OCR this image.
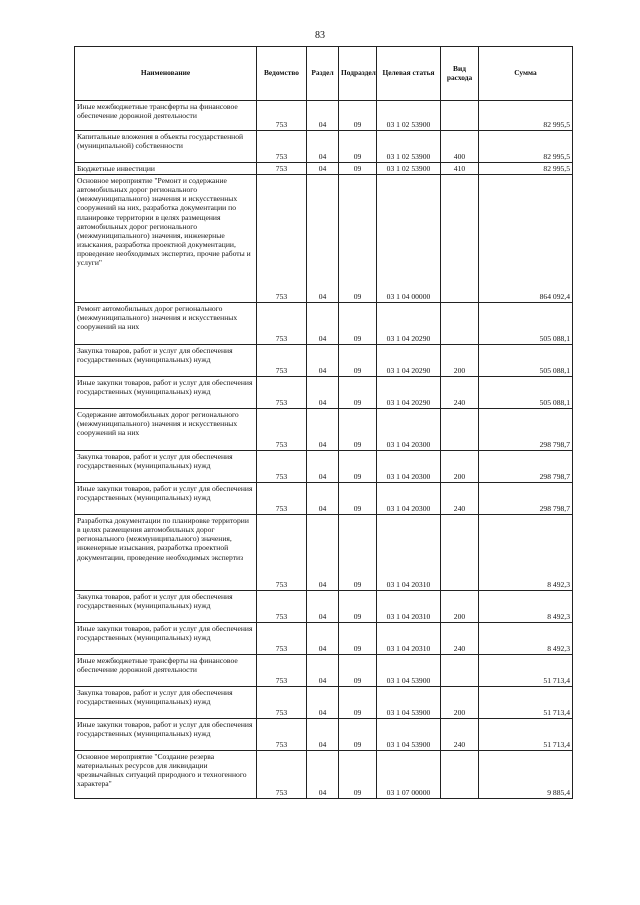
83
Наименование	Ведомство	Раздел	Подраздел	Целевая статья	Вид расхода	Сумма
Иные межбюджетные трансферты на финансовое обеспечение дорожной деятельности	753	04	09	03 1 02 53900		82 995,5
Капитальные вложения в объекты государственной (муниципальной) собственности	753	04	09	03 1 02 53900	400	82 995,5
Бюджетные инвестиции	753	04	09	03 1 02 53900	410	82 995,5
Основное мероприятие "Ремонт и содержание автомобильных дорог регионального (межмуниципального) значения и искусственных сооружений на них, разработка документации по планировке территории в целях размещения автомобильных дорог регионального (межмуниципального) значения, инженерные изыскания, разработка проектной документации, проведение необходимых экспертиз, прочие работы и услуги"	753	04	09	03 1 04 00000		864 092,4
Ремонт автомобильных дорог регионального (межмуниципального) значения и искусственных сооружений на них	753	04	09	03 1 04 20290		505 088,1
Закупка товаров, работ и услуг для обеспечения государственных (муниципальных) нужд	753	04	09	03 1 04 20290	200	505 088,1
Иные закупки товаров, работ и услуг для обеспечения государственных (муниципальных) нужд	753	04	09	03 1 04 20290	240	505 088,1
Содержание автомобильных дорог регионального (межмуниципального) значения и искусственных сооружений на них	753	04	09	03 1 04 20300		298 798,7
Закупка товаров, работ и услуг для обеспечения государственных (муниципальных) нужд	753	04	09	03 1 04 20300	200	298 798,7
Иные закупки товаров, работ и услуг для обеспечения государственных (муниципальных) нужд	753	04	09	03 1 04 20300	240	298 798,7
Разработка документации по планировке территории в целях размещения автомобильных дорог регионального (межмуниципального) значения, инженерные изыскания, разработка проектной документации, проведение необходимых экспертиз	753	04	09	03 1 04 20310		8 492,3
Закупка товаров, работ и услуг для обеспечения государственных (муниципальных) нужд	753	04	09	03 1 04 20310	200	8 492,3
Иные закупки товаров, работ и услуг для обеспечения государственных (муниципальных) нужд	753	04	09	03 1 04 20310	240	8 492,3
Иные межбюджетные трансферты на финансовое обеспечение дорожной деятельности	753	04	09	03 1 04 53900		51 713,4
Закупка товаров, работ и услуг для обеспечения государственных (муниципальных) нужд	753	04	09	03 1 04 53900	200	51 713,4
Иные закупки товаров, работ и услуг для обеспечения государственных (муниципальных) нужд	753	04	09	03 1 04 53900	240	51 713,4
Основное мероприятие "Создание резерва материальных ресурсов для ликвидации чрезвычайных ситуаций природного и техногенного характера"	753	04	09	03 1 07 00000		9 885,4
